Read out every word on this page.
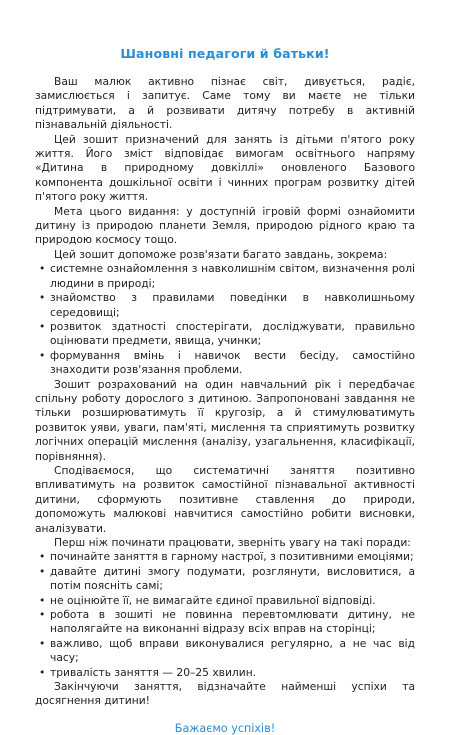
Шановні педагоги й батьки!

Ваш малюк активно пізнає світ, дивується, радіє, замислюється і запитує. Саме тому ви маєте не тільки підтримувати, а й розвивати дитячу потребу в активній пізнавальній діяльності.

Цей зошит призначений для занять із дітьми п'ятого року життя. Його зміст відповідає вимогам освітнього напряму «Дитина в природному довкіллі» оновленого Базового компонента дошкільної освіти і чинних програм розвитку дітей п'ятого року життя.

Мета цього видання: у доступній ігровій формі ознайомити дитину із природою планети Земля, природою рідного краю та природою космосу тощо.

Цей зошит допоможе розв'язати багато завдань, зокрема:

• системне ознайомлення з навколишнім світом, визначення ролі людини в природі;
• знайомство з правилами поведінки в навколишньому середовищі;
• розвиток здатності спостерігати, досліджувати, правильно оцінювати предмети, явища, учинки;
• формування вмінь і навичок вести бесіду, самостійно знаходити розв'язання проблеми.

Зошит розрахований на один навчальний рік і передбачає спільну роботу дорослого з дитиною. Запропоновані завдання не тільки розширюватимуть її кругозір, а й стимулюватимуть розвиток уяви, уваги, пам'яті, мислення та сприятимуть розвитку логічних операцій мислення (аналізу, узагальнення, класифікації, порівняння).

Сподіваємося, що систематичні заняття позитивно впливатимуть на розвиток самостійної пізнавальної активності дитини, сформують позитивне ставлення до природи, допоможуть малюкові навчитися самостійно робити висновки, аналізувати.

Перш ніж починати працювати, зверніть увагу на такі поради:

• починайте заняття в гарному настрої, з позитивними емоціями;
• давайте дитині змогу подумати, розглянути, висловитися, а потім поясніть самі;
• не оцінюйте її, не вимагайте єдиної правильної відповіді.
• робота в зошиті не повинна перевтомлювати дитину, не наполягайте на виконанні відразу всіх вправ на сторінці;
• важливо, щоб вправи виконувалися регулярно, а не час від часу;
• тривалість заняття — 20–25 хвилин.

Закінчуючи заняття, відзначайте найменші успіхи та досягнення дитини!

Бажаємо успіхів!
